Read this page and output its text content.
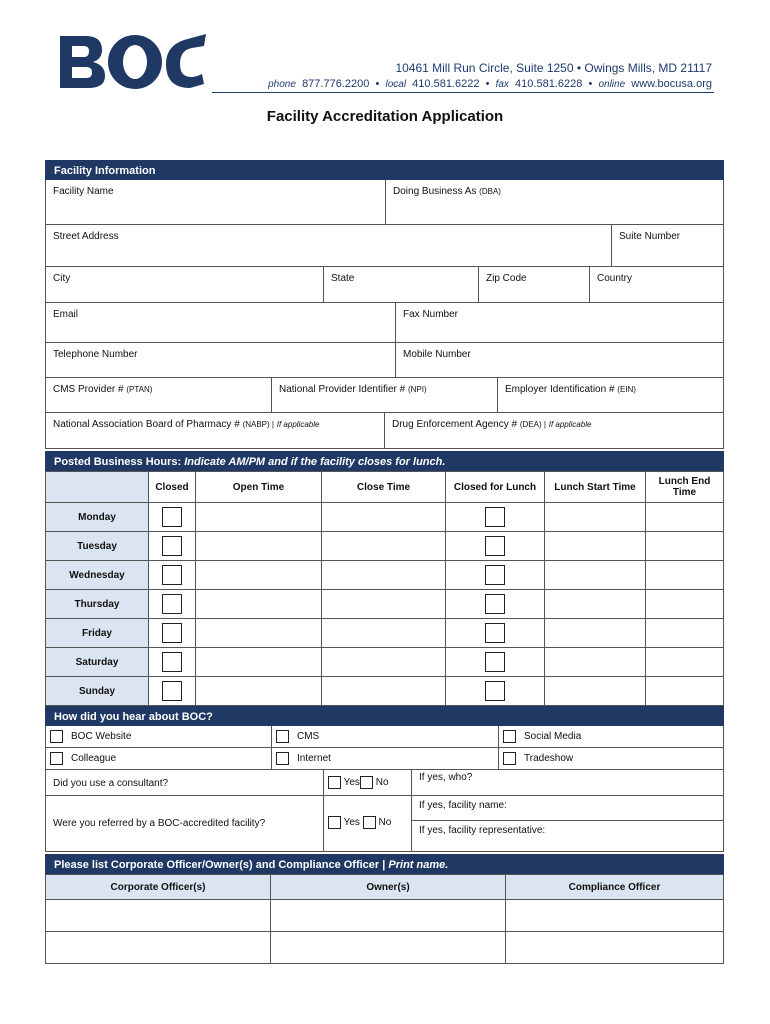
10461 Mill Run Circle, Suite 1250 • Owings Mills, MD 21117
phone 877.776.2200 • local 410.581.6222 • fax 410.581.6228 • online www.bocusa.org
Facility Accreditation Application
Facility Information
Facility Name	Doing Business As (DBA)
Street Address	Suite Number
City	State	Zip Code	Country
Email	Fax Number
Telephone Number	Mobile Number
CMS Provider # (PTAN)	National Provider Identifier # (NPI)	Employer Identification # (EIN)
National Association Board of Pharmacy # (NABP) | If applicable	Drug Enforcement Agency # (DEA) | If applicable
Posted Business Hours: Indicate AM/PM and if the facility closes for lunch.
	Closed	Open Time	Close Time	Closed for Lunch	Lunch Start Time	Lunch End Time
Monday						
Tuesday						
Wednesday						
Thursday						
Friday						
Saturday						
Sunday						
How did you hear about BOC?
BOC Website	CMS	Social Media
Colleague	Internet	Tradeshow
Did you use a consultant?	Yes No	If yes, who?
Were you referred by a BOC-accredited facility?	Yes No
If yes, facility name:
If yes, facility representative:
Please list Corporate Officer/Owner(s) and Compliance Officer | Print name.
Corporate Officer(s)	Owner(s)	Compliance Officer
